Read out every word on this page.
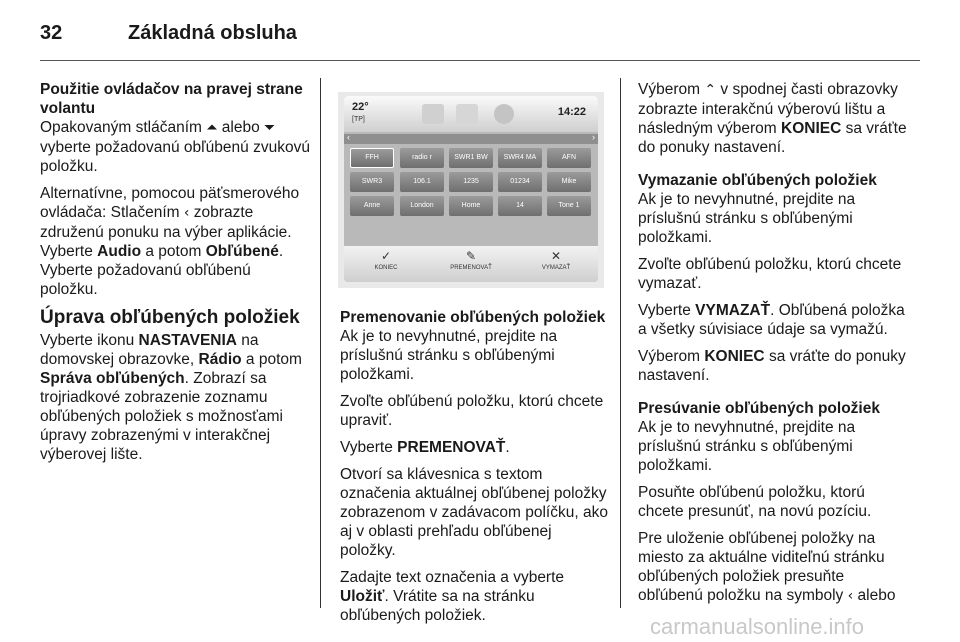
32	Základná obsluha
Použitie ovládačov na pravej strane volantu

Opakovaným stláčaním ⏶ alebo ⏷ vyberte požadovanú obľúbenú zvukovú položku.

Alternatívne, pomocou päťsmerového ovládača: Stlačením ‹ zobrazte združenú ponuku na výber aplikácie. Vyberte Audio a potom Obľúbené. Vyberte požadovanú obľúbenú položku.

Úprava obľúbených položiek

Vyberte ikonu NASTAVENIA na domovskej obrazovke, Rádio a potom Správa obľúbených. Zobrazí sa trojriadkové zobrazenie zoznamu obľúbených položiek s možnosťami úpravy zobrazenými v interakčnej výberovej lište.

22°
[TP]
14:22
‹	›
FFH	radio r	SWR1 BW	SWR4 MA	AFN
SWR3	106.1	1235	01234	Mike
Anne	London	Home	14	Tone 1
✓
KONIEC
✎
PREMENOVAŤ
✕
VYMAZAŤ
Premenovanie obľúbených položiek

Ak je to nevyhnutné, prejdite na príslušnú stránku s obľúbenými položkami.

Zvoľte obľúbenú položku, ktorú chcete upraviť.

Vyberte PREMENOVAŤ.

Otvorí sa klávesnica s textom označenia aktuálnej obľúbenej položky zobrazenom v zadávacom políčku, ako aj v oblasti prehľadu obľúbenej položky.

Zadajte text označenia a vyberte Uložiť. Vrátite sa na stránku obľúbených položiek.

Výberom ⌃ v spodnej časti obrazovky zobrazte interakčnú výberovú lištu a následným výberom KONIEC sa vráťte do ponuky nastavení.

Vymazanie obľúbených položiek

Ak je to nevyhnutné, prejdite na príslušnú stránku s obľúbenými položkami.

Zvoľte obľúbenú položku, ktorú chcete vymazať.

Vyberte VYMAZAŤ. Obľúbená položka a všetky súvisiace údaje sa vymažú.

Výberom KONIEC sa vráťte do ponuky nastavení.

Presúvanie obľúbených položiek

Ak je to nevyhnutné, prejdite na príslušnú stránku s obľúbenými položkami.

Posuňte obľúbenú položku, ktorú chcete presunúť, na novú pozíciu.

Pre uloženie obľúbenej položky na miesto za aktuálne viditeľnú stránku obľúbených položiek presuňte obľúbenú položku na symboly ‹ alebo

carmanualsonline.info
